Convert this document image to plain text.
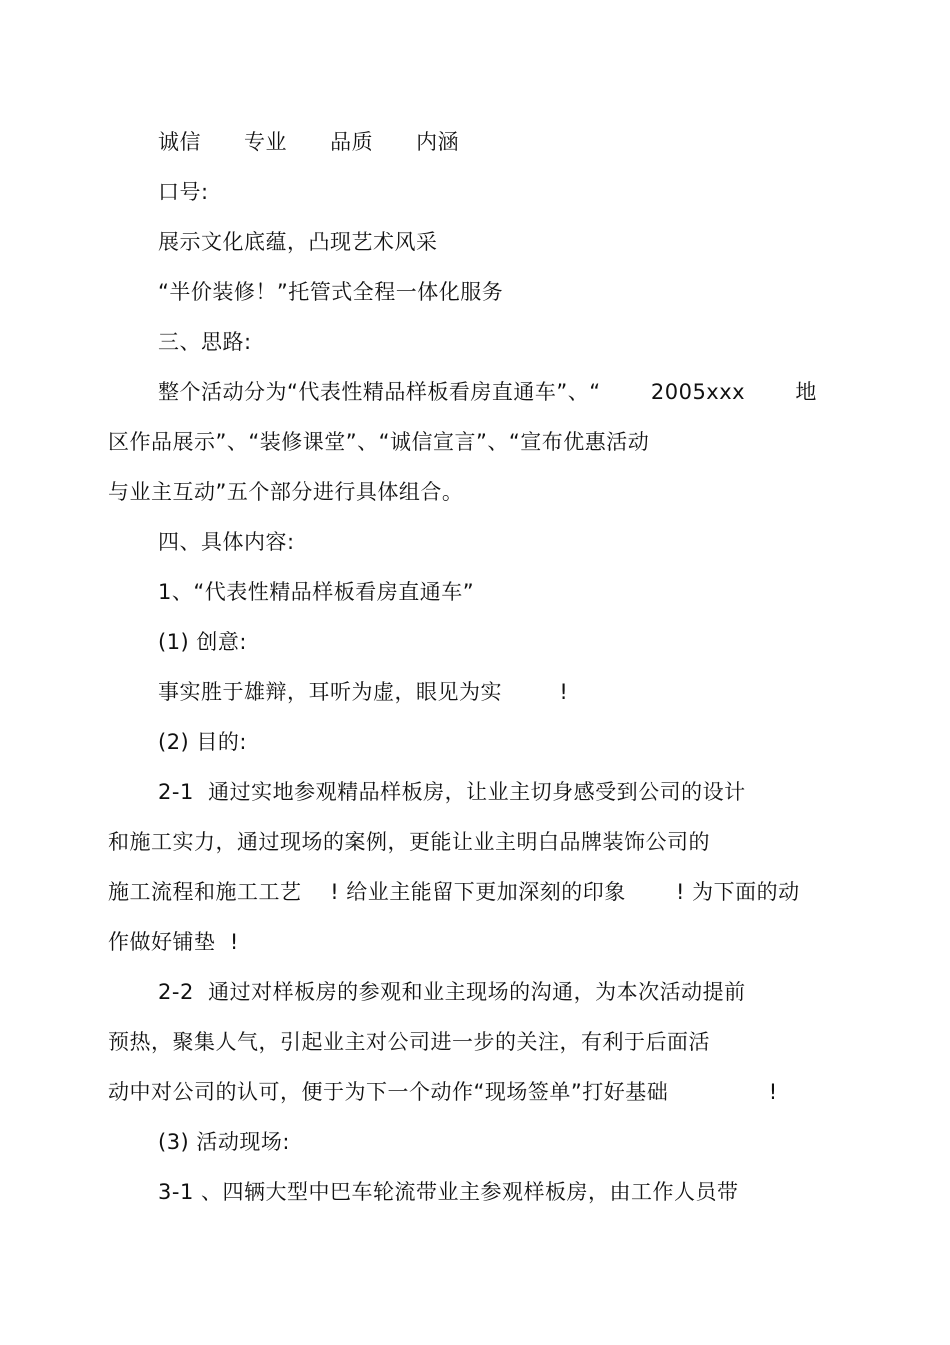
诚信      专业      品质      内涵
口号:
展示文化底蕴，凸现艺术风采
“半价装修！”托管式全程一体化服务
三、思路:
整个活动分为“代表性精品样板看房直通车”、“       2005xxx       地
区作品展示”、“装修课堂”、“诚信宣言”、“宣布优惠活动
与业主互动”五个部分进行具体组合。
四、具体内容:
1、“代表性精品样板看房直通车”
(1) 创意:
事实胜于雄辩，耳听为虚，眼见为实        !
(2) 目的:
2-1  通过实地参观精品样板房，让业主切身感受到公司的设计
和施工实力，通过现场的案例，更能让业主明白品牌装饰公司的
施工流程和施工工艺    ! 给业主能留下更加深刻的印象       ! 为下面的动
作做好铺垫  !
2-2  通过对样板房的参观和业主现场的沟通，为本次活动提前
预热，聚集人气，引起业主对公司进一步的关注，有利于后面活
动中对公司的认可，便于为下一个动作“现场签单”打好基础              !
(3) 活动现场:
3-1 、四辆大型中巴车轮流带业主参观样板房，由工作人员带
